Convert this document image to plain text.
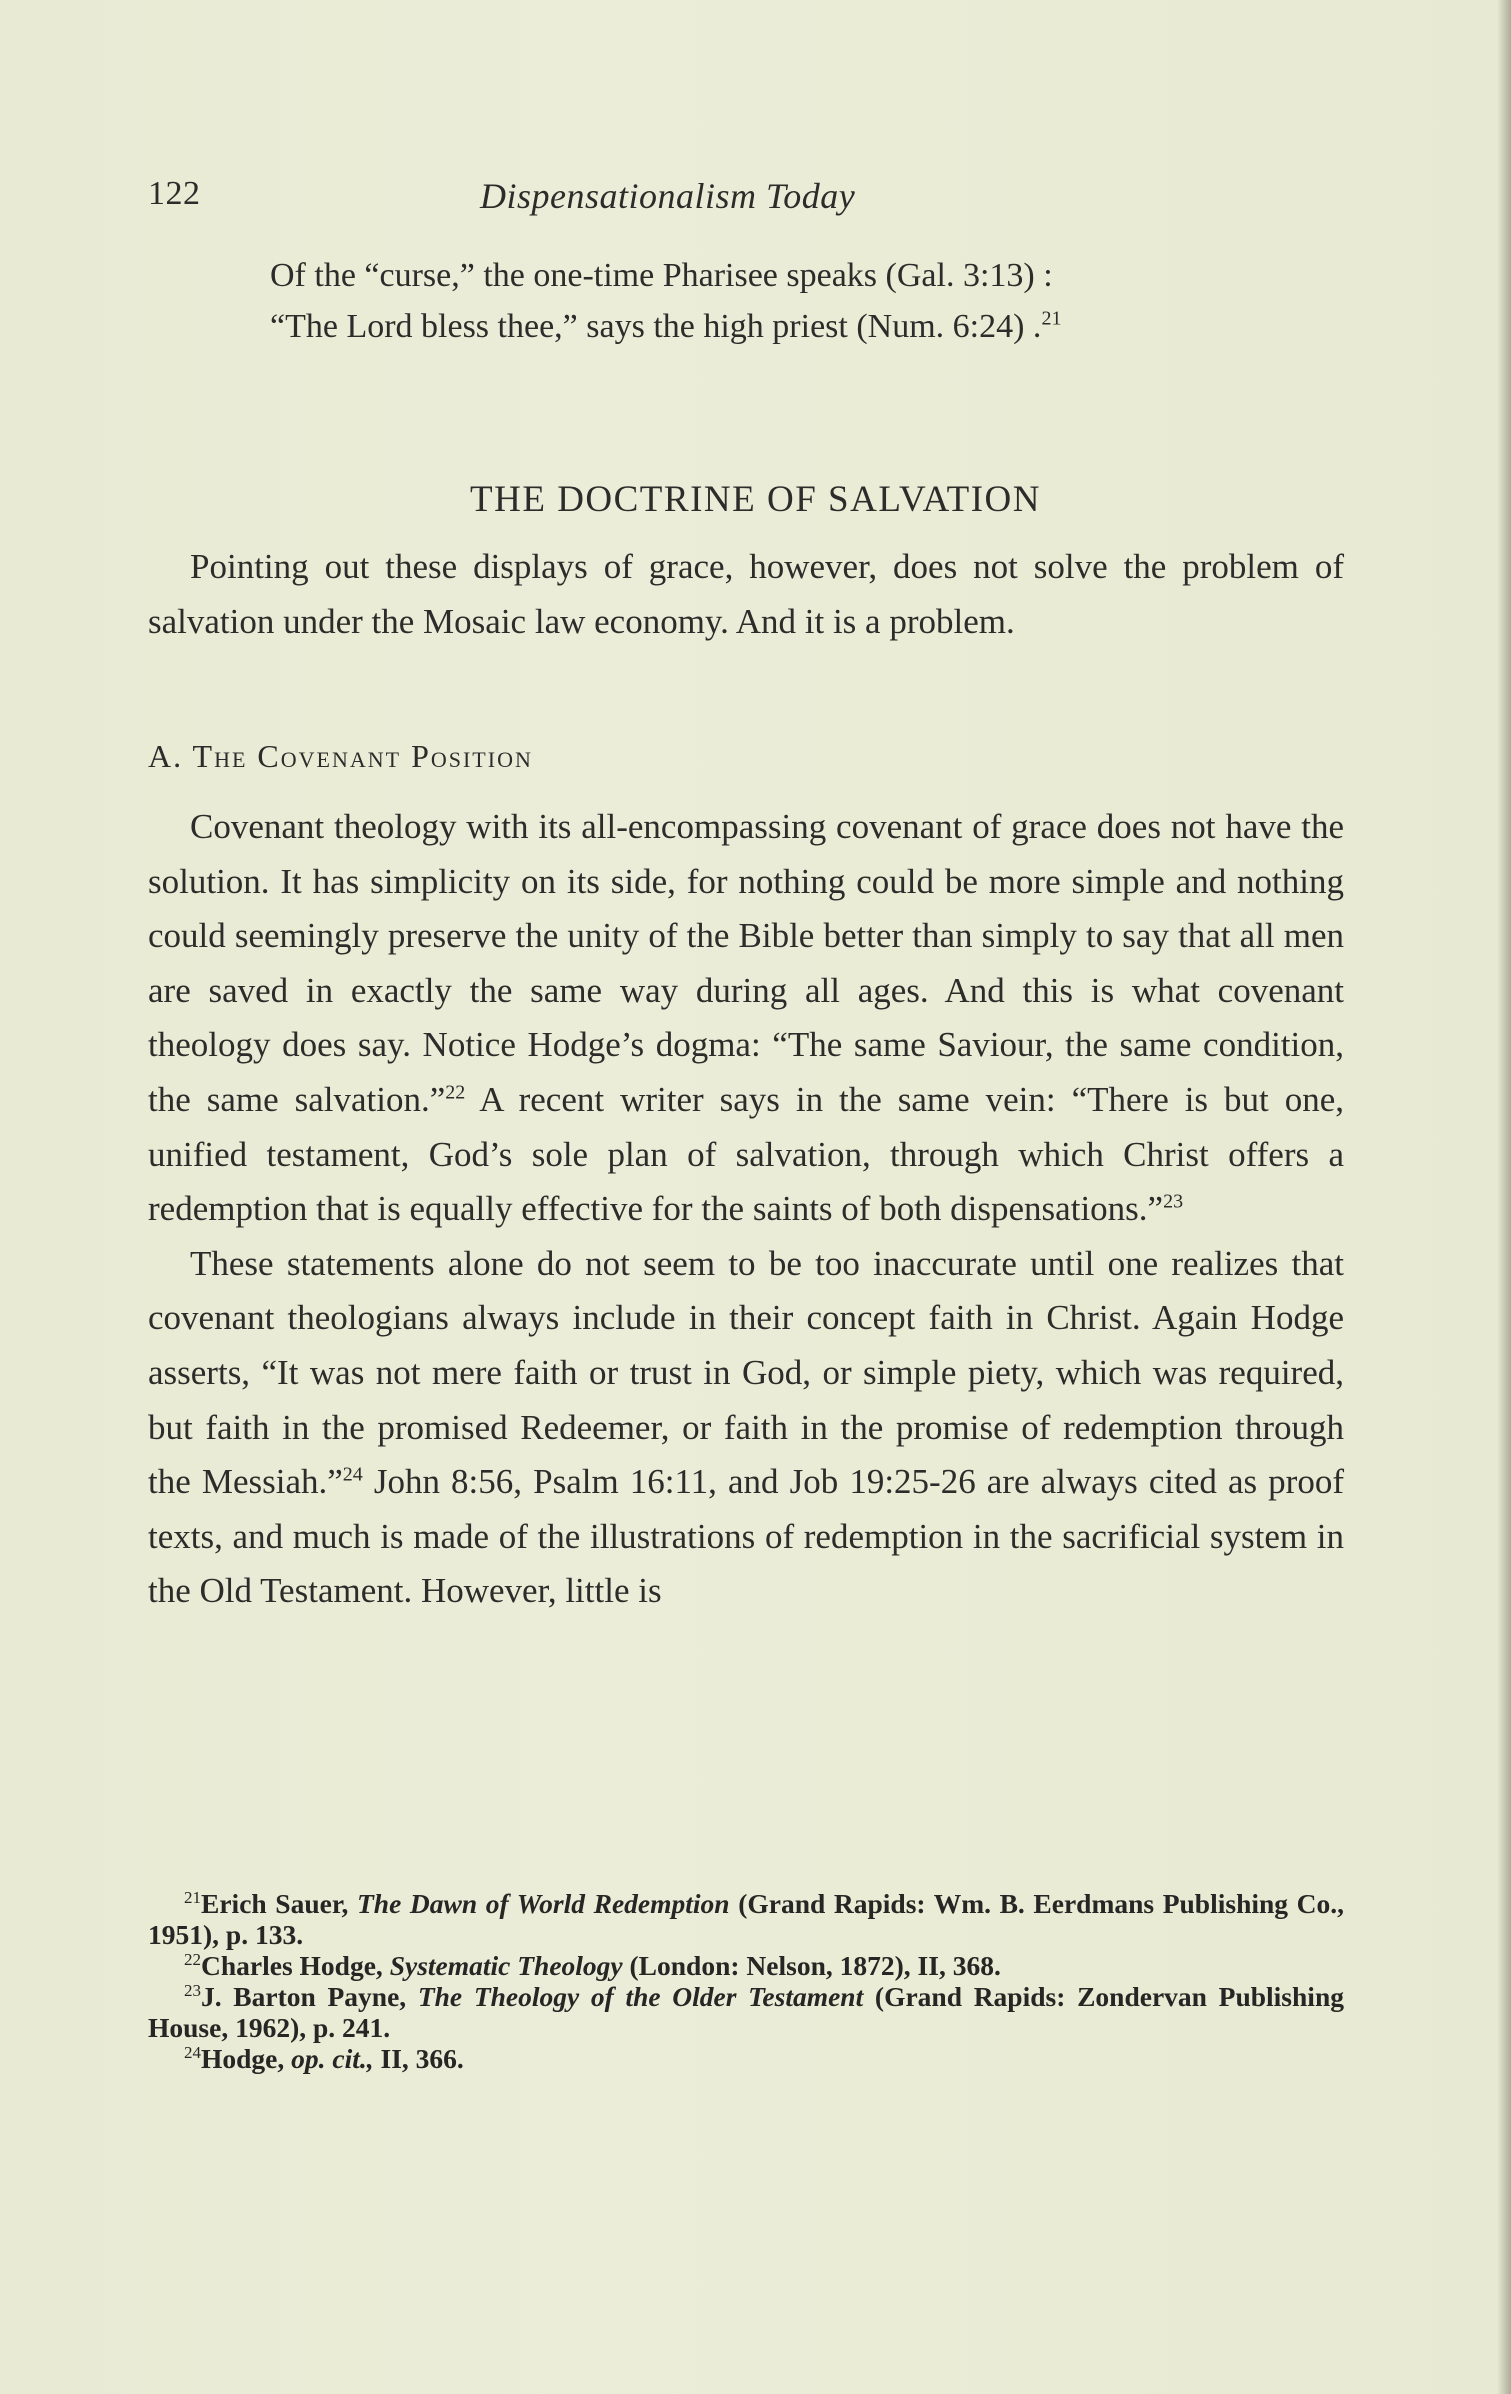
122	Dispensationalism Today

Of the “curse,” the one-time Pharisee speaks (Gal. 3:13) :

“The Lord bless thee,” says the high priest (Num. 6:24) .$^{21}$

THE DOCTRINE OF SALVATION

Pointing out these displays of grace, however, does not solve the problem of salvation under the Mosaic law economy. And it is a problem.

A. The Covenant Position

Covenant theology with its all-encompassing covenant of grace does not have the solution. It has simplicity on its side, for nothing could be more simple and nothing could seemingly preserve the unity of the Bible better than simply to say that all men are saved in exactly the same way during all ages. And this is what covenant theology does say. Notice Hodge’s dogma: “The same Saviour, the same condition, the same salvation.”$^{22}$ A recent writer says in the same vein: “There is but one, unified testament, God’s sole plan of salvation, through which Christ offers a redemption that is equally effective for the saints of both dispensations.”$^{23}$

These statements alone do not seem to be too inaccurate until one realizes that covenant theologians always include in their concept faith in Christ. Again Hodge asserts, “It was not mere faith or trust in God, or simple piety, which was required, but faith in the promised Redeemer, or faith in the promise of redemption through the Messiah.”$^{24}$ John 8:56, Psalm 16:11, and Job 19:25-26 are always cited as proof texts, and much is made of the illustrations of redemption in the sacrificial system in the Old Testament. However, little is

$^{21}$Erich Sauer, The Dawn of World Redemption (Grand Rapids: Wm. B. Eerdmans Publishing Co., 1951), p. 133.

$^{22}$Charles Hodge, Systematic Theology (London: Nelson, 1872), II, 368.

$^{23}$J. Barton Payne, The Theology of the Older Testament (Grand Rapids: Zondervan Publishing House, 1962), p. 241.

$^{24}$Hodge, op. cit., II, 366.
